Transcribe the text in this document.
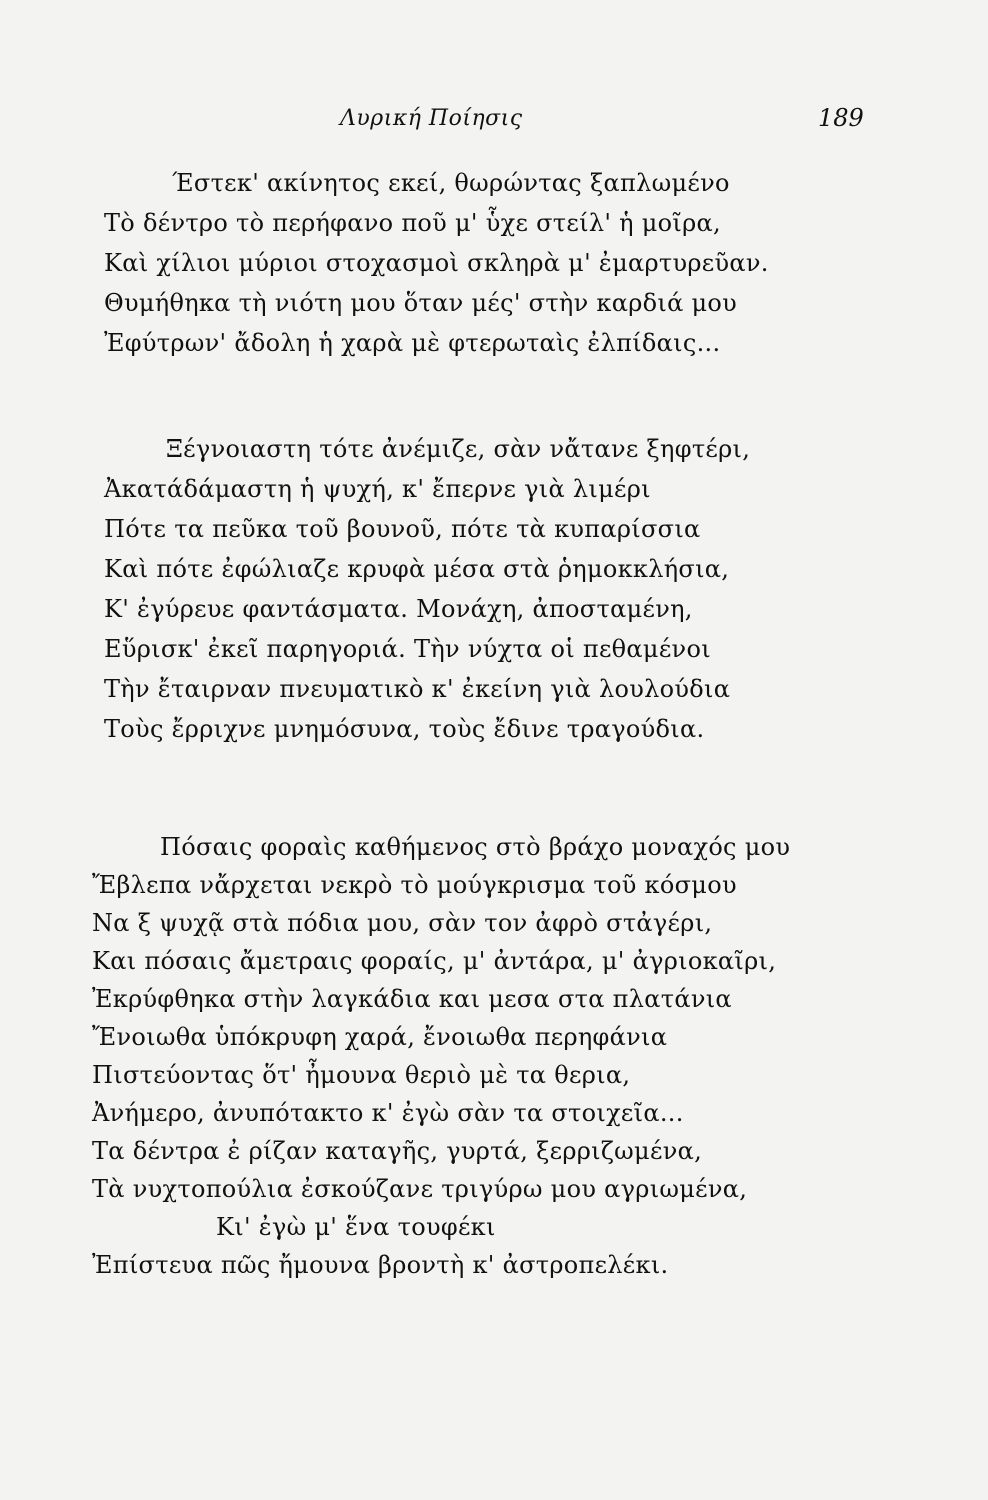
Λυρική Ποίησις	189
Έστεκ' ακίνητος εκεί, θωρώντας ξαπλωμένο
Τὸ δέντρο τὸ περήφανο ποῦ μ' ὗχε στείλ' ἡ μοῖρα,
Καὶ χίλιοι μύριοι στοχασμοὶ σκληρὰ μ' ἐμαρτυρεῦαν.
Θυμήθηκα τὴ νιότη μου ὅταν μές' στὴν καρδιά μου
Ἐφύτρων' ἄδολη ἡ χαρὰ μὲ φτερωταὶς ἐλπίδαις...
Ξέγνοιαστη τότε ἀνέμιζε, σὰν νἄτανε ξηφτέρι,
Ἀκατάδάμαστη ἡ ψυχή, κ' ἔπερνε γιὰ λιμέρι
Πότε τα πεῦκα τοῦ βουνοῦ, πότε τὰ κυπαρίσσια
Καὶ πότε ἐφώλιαζε κρυφὰ μέσα στὰ ῥημοκκλήσια,
Κ' ἐγύρευε φαντάσματα. Μονάχη, ἀποσταμένη,
Εὕρισκ' ἐκεῖ παρηγοριά. Τὴν νύχτα οἱ πεθαμένοι
Τὴν ἔταιρναν πνευματικὸ κ' ἐκείνη γιὰ λουλούδια
Τοὺς ἔρριχνε μνημόσυνα, τοὺς ἔδινε τραγούδια.
Πόσαις φοραὶς καθήμενος στὸ βράχο μοναχός μου
Ἔβλεπα νἄρχεται νεκρὸ τὸ μούγκρισμα τοῦ κόσμου
Να ξ ψυχᾷ στὰ πόδια μου, σὰν τον ἀφρὸ στἀγέρι,
Και πόσαις ἄμετραις φοραίς, μ' ἀντάρα, μ' ἀγριοκαῖρι,
Ἐκρύφθηκα στὴν λαγκάδια και μεσα στα πλατάνια
Ἔνοιωθα ὑπόκρυφη χαρά, ἔνοιωθα περηφάνια
Πιστεύοντας ὅτ' ἦμουνα θεριὸ μὲ τα θερια,
Ἀνήμερο, ἀνυπότακτο κ' ἐγὼ σὰν τα στοιχεῖα...
Τα δέντρα ἐ ρίζαν καταγῆς, γυρτά, ξερριζωμένα,
Τὰ νυχτοπούλια ἐσκούζανε τριγύρω μου αγριωμένα,
Κι' ἐγὼ μ' ἕνα τουφέκι
Ἐπίστευα πῶς ἤμουνα βροντὴ κ' ἀστροπελέκι.
